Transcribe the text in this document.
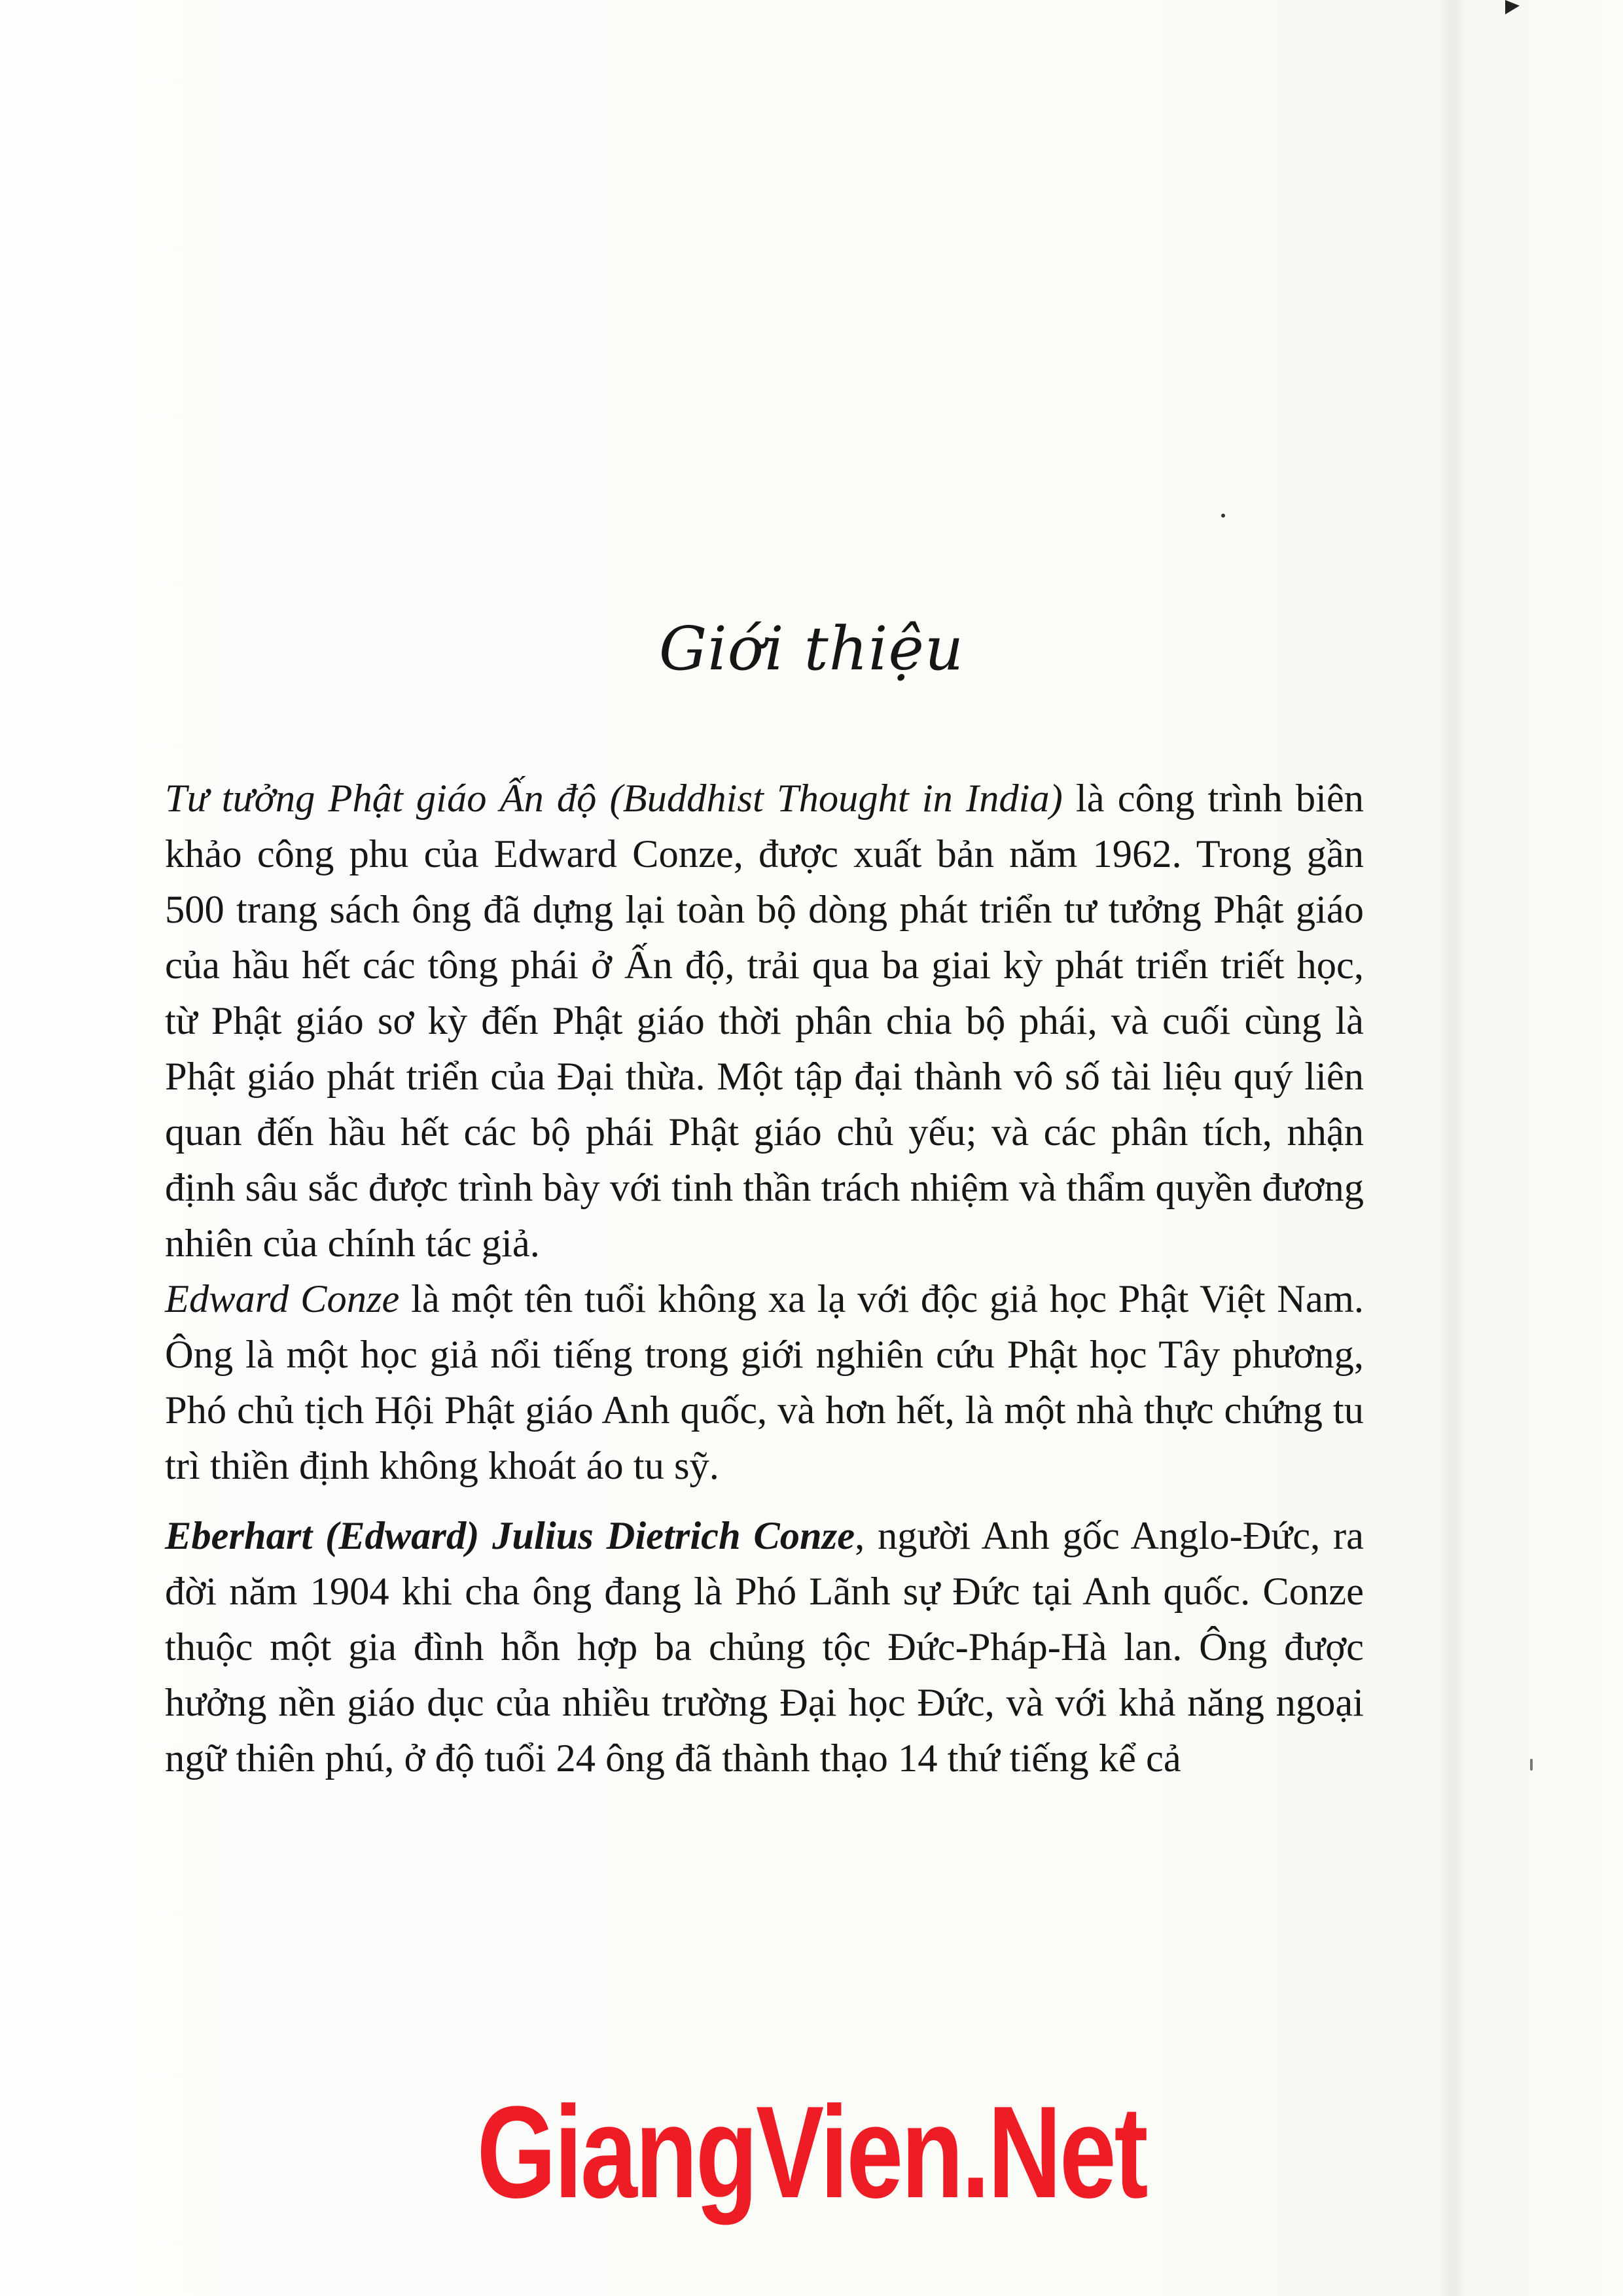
Giới thiệu

Tư tưởng Phật giáo Ấn độ (Buddhist Thought in India) là công trình biên khảo công phu của Edward Conze, được xuất bản năm 1962. Trong gần 500 trang sách ông đã dựng lại toàn bộ dòng phát triển tư tưởng Phật giáo của hầu hết các tông phái ở Ấn độ, trải qua ba giai kỳ phát triển triết học, từ Phật giáo sơ kỳ đến Phật giáo thời phân chia bộ phái, và cuối cùng là Phật giáo phát triển của Đại thừa. Một tập đại thành vô số tài liệu quý liên quan đến hầu hết các bộ phái Phật giáo chủ yếu; và các phân tích, nhận định sâu sắc được trình bày với tinh thần trách nhiệm và thẩm quyền đương nhiên của chính tác giả.

Edward Conze là một tên tuổi không xa lạ với độc giả học Phật Việt Nam. Ông là một học giả nổi tiếng trong giới nghiên cứu Phật học Tây phương, Phó chủ tịch Hội Phật giáo Anh quốc, và hơn hết, là một nhà thực chứng tu trì thiền định không khoát áo tu sỹ.

Eberhart (Edward) Julius Dietrich Conze, người Anh gốc Anglo-Đức, ra đời năm 1904 khi cha ông đang là Phó Lãnh sự Đức tại Anh quốc. Conze thuộc một gia đình hỗn hợp ba chủng tộc Đức-Pháp-Hà lan. Ông được hưởng nền giáo dục của nhiều trường Đại học Đức, và với khả năng ngoại ngữ thiên phú, ở độ tuổi 24 ông đã thành thạo 14 thứ tiếng kể cả

GiangVien.Net
